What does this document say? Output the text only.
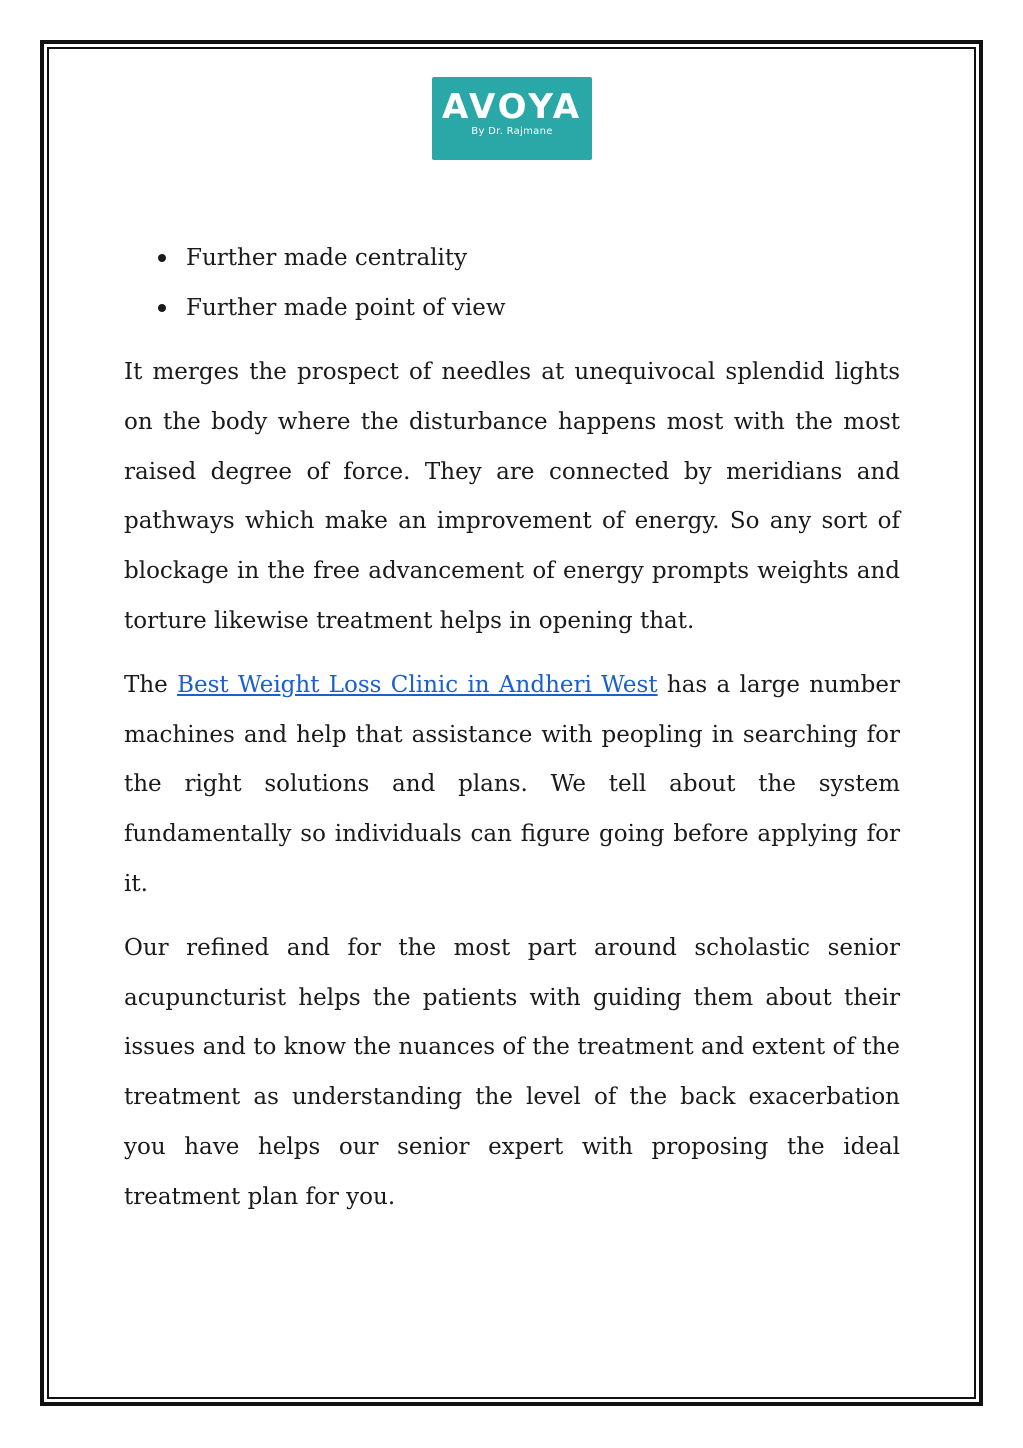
AVOYA
By Dr. Rajmane
Further made centrality
Further made point of view

It merges the prospect of needles at unequivocal splendid lights on the body where the disturbance happens most with the most raised degree of force. They are connected by meridians and pathways which make an improvement of energy. So any sort of blockage in the free advancement of energy prompts weights and torture likewise treatment helps in opening that.

The Best Weight Loss Clinic in Andheri West has a large number machines and help that assistance with peopling in searching for the right solutions and plans. We tell about the system fundamentally so individuals can figure going before applying for it.

Our refined and for the most part around scholastic senior acupuncturist helps the patients with guiding them about their issues and to know the nuances of the treatment and extent of the treatment as understanding the level of the back exacerbation you have helps our senior expert with proposing the ideal treatment plan for you.
